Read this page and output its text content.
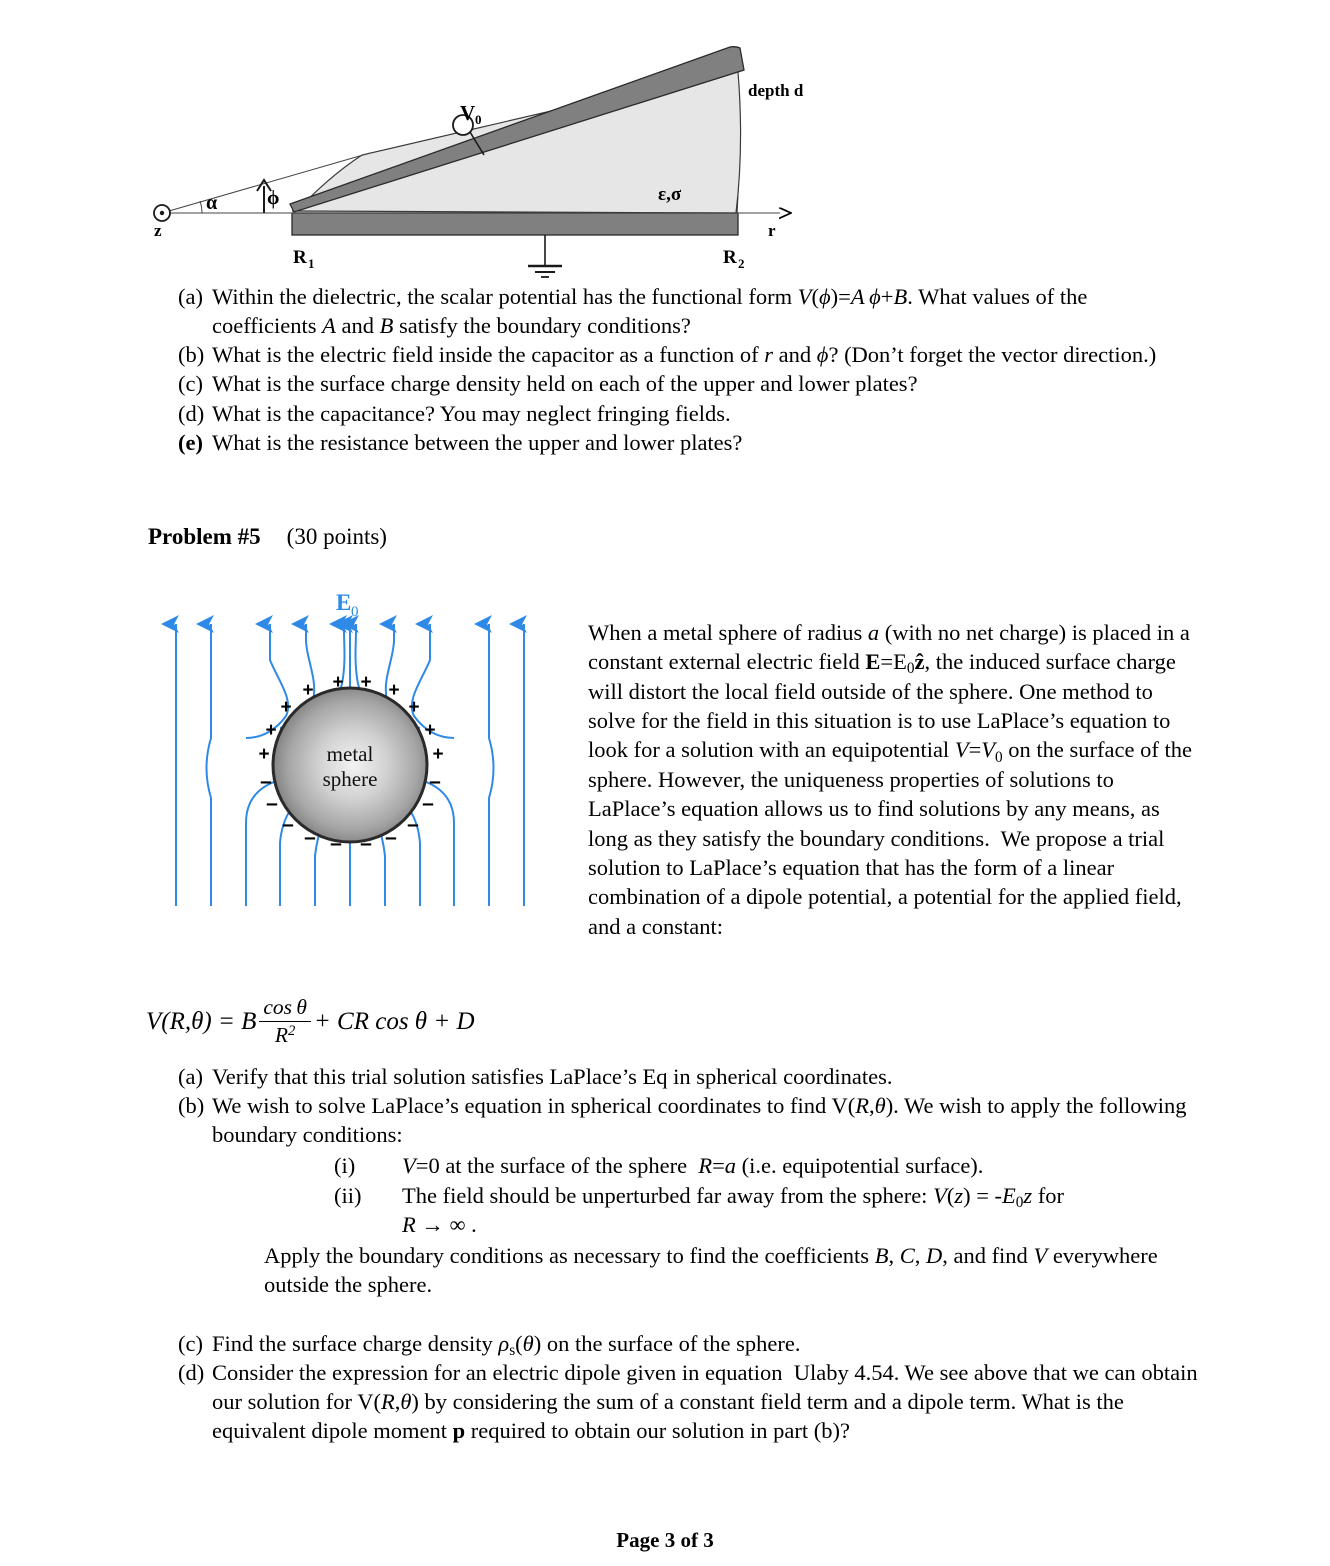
z
ϕ
α
V 0
depth d
ε,σ
R 1	R 2
r
(a) Within the dielectric, the scalar potential has the functional form V(ϕ)=A  ϕ+B. What values of the coefficients A and B satisfy the boundary conditions?
(b) What is the electric field inside the capacitor as a function of r and ϕ? (Don’t forget the vector direction.)
(c) What is the surface charge density held on each of the upper and lower plates?
(d) What is the capacitance? You may neglect fringing fields.
(e) What is the resistance between the upper and lower plates?
Problem #5 (30 points)
E 0
metal
sphere
+ + + +
+	+
+	+
+	+
–	–
–	–
–	–
–	–
– –
When a metal sphere of radius a (with no net charge) is placed in a constant external electric field $E=E_0ẑ$, the induced surface charge will distort the local field outside of the sphere. One method to solve for the field in this situation is to use LaPlace’s equation to look for a solution with an equipotential $V=V_0$ on the surface of the sphere. However, the uniqueness properties of solutions to LaPlace’s equation allows us to find solutions by any means, as long as they satisfy the boundary conditions.  We propose a trial solution to LaPlace’s equation that has the form of a linear combination of a dipole potential, a potential for the applied field, and a constant:
V(R,θ) = B $\frac{\text{cos θ}}{R^2}$ + CR cos θ + D
(a) Verify that this trial solution satisfies LaPlace’s Eq in spherical coordinates.
(b) We wish to solve LaPlace’s equation in spherical coordinates to find V(R,θ). We wish to apply the following boundary conditions:
(i)	V=0 at the surface of the sphere  R=a (i.e. equipotential surface).
(ii)	The field should be unperturbed far away from the sphere: $V(z) = -E_0z$ for
R → ∞ .
Apply the boundary conditions as necessary to find the coefficients B, C, D, and find V everywhere outside the sphere.
(c) Find the surface charge density $\rho_s(\theta)$ on the surface of the sphere.
(d) Consider the expression for an electric dipole given in equation  Ulaby 4.54. We see above that we can obtain our solution for V(R,θ) by considering the sum of a constant field term and a dipole term. What is the equivalent dipole moment p required to obtain our solution in part (b)?
Page 3 of 3
